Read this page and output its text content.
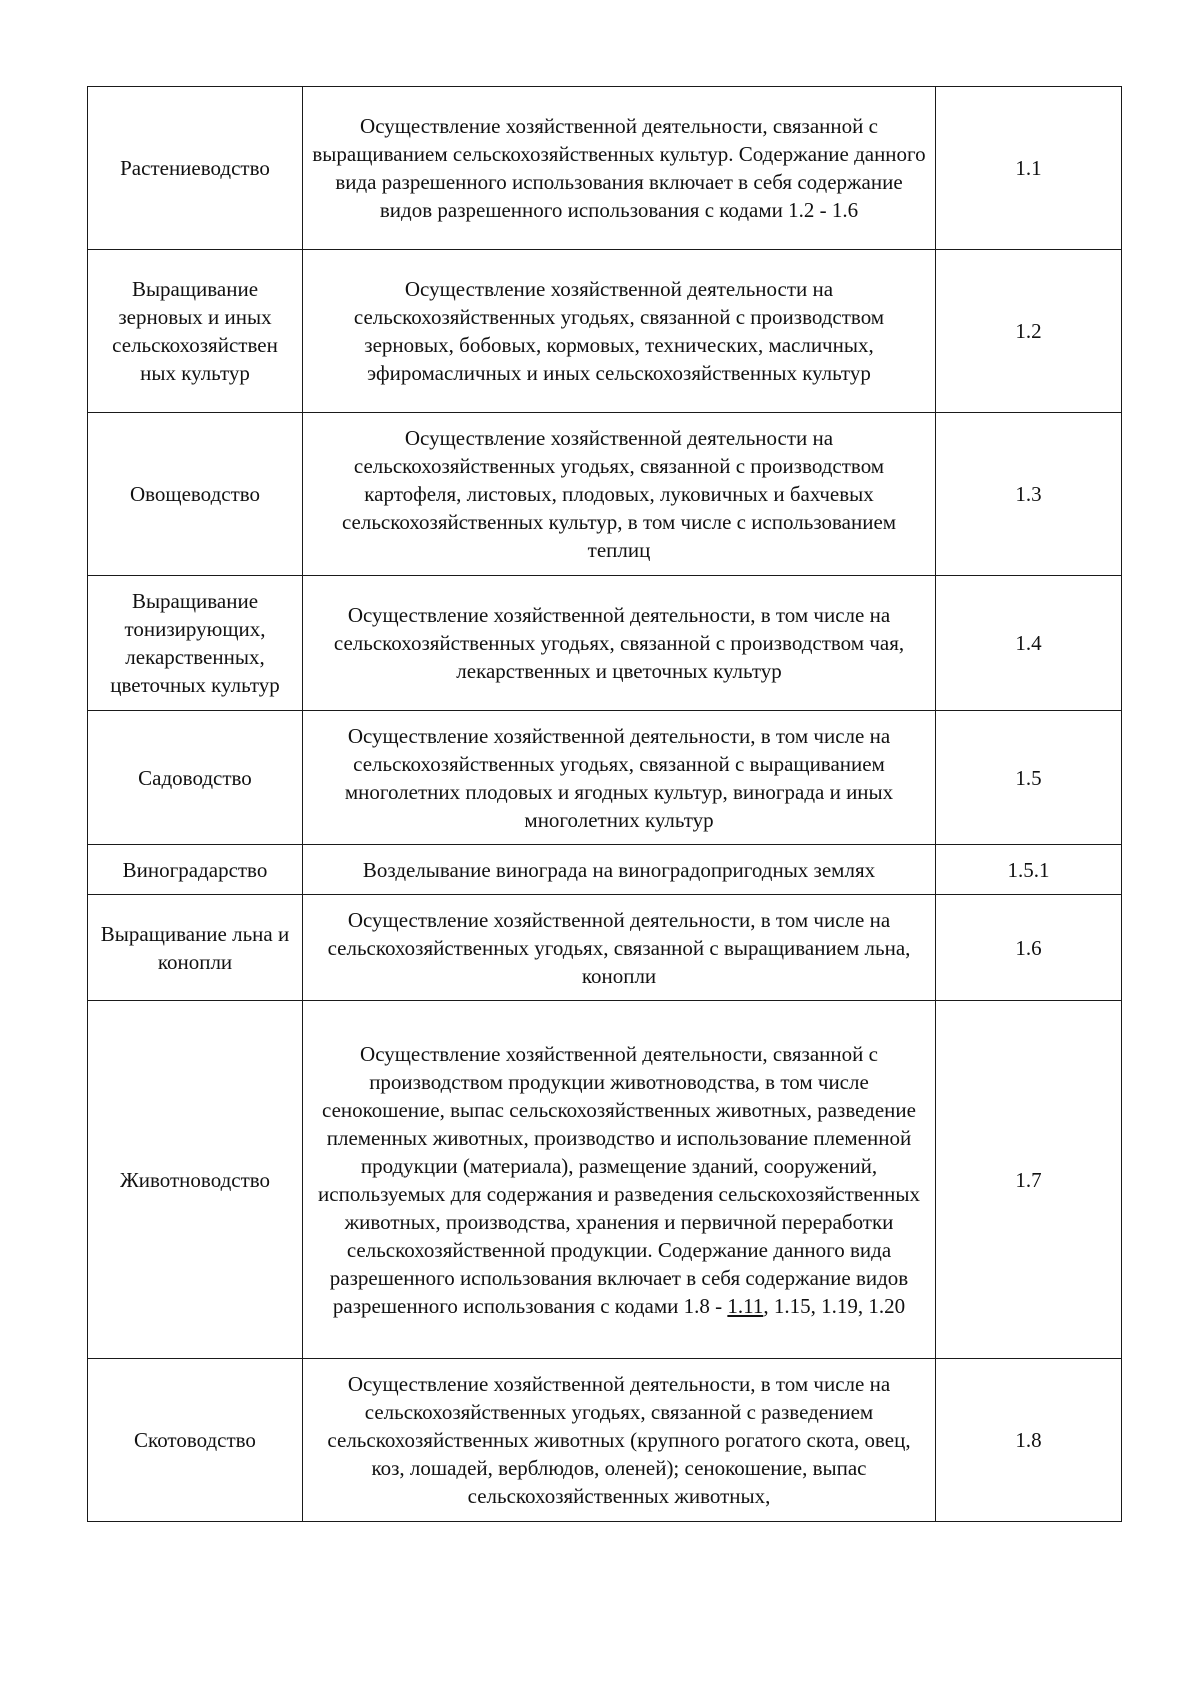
Растениеводство	Осуществление хозяйственной деятельности, связанной с выращиванием сельскохозяйственных культур. Содержание данного вида разрешенного использования включает в себя содержание видов разрешенного использования с кодами 1.2 - 1.6	1.1
Выращивание зерновых и иных сельскохозяйствен ных культур	Осуществление хозяйственной деятельности на сельскохозяйственных угодьях, связанной с производством зерновых, бобовых, кормовых, технических, масличных, эфиромасличных и иных сельскохозяйственных культур	1.2
Овощеводство	Осуществление хозяйственной деятельности на сельскохозяйственных угодьях, связанной с производством картофеля, листовых, плодовых, луковичных и бахчевых сельскохозяйственных культур, в том числе с использованием теплиц	1.3
Выращивание тонизирующих, лекарственных, цветочных культур	Осуществление хозяйственной деятельности, в том числе на сельскохозяйственных угодьях, связанной с производством чая, лекарственных и цветочных культур	1.4
Садоводство	Осуществление хозяйственной деятельности, в том числе на сельскохозяйственных угодьях, связанной с выращиванием многолетних плодовых и ягодных культур, винограда и иных многолетних культур	1.5
Виноградарство	Возделывание винограда на виноградопригодных землях	1.5.1
Выращивание льна и конопли	Осуществление хозяйственной деятельности, в том числе на сельскохозяйственных угодьях, связанной с выращиванием льна, конопли	1.6
Животноводство	Осуществление хозяйственной деятельности, связанной с производством продукции животноводства, в том числе сенокошение, выпас сельскохозяйственных животных, разведение племенных животных, производство и использование племенной продукции (материала), размещение зданий, сооружений, используемых для содержания и разведения сельскохозяйственных животных, производства, хранения и первичной переработки сельскохозяйственной продукции. Содержание данного вида разрешенного использования включает в себя содержание видов разрешенного использования с кодами 1.8 - 1.11, 1.15, 1.19, 1.20	1.7
Скотоводство	Осуществление хозяйственной деятельности, в том числе на сельскохозяйственных угодьях, связанной с разведением сельскохозяйственных животных (крупного рогатого скота, овец, коз, лошадей, верблюдов, оленей); сенокошение, выпас сельскохозяйственных животных,	1.8
